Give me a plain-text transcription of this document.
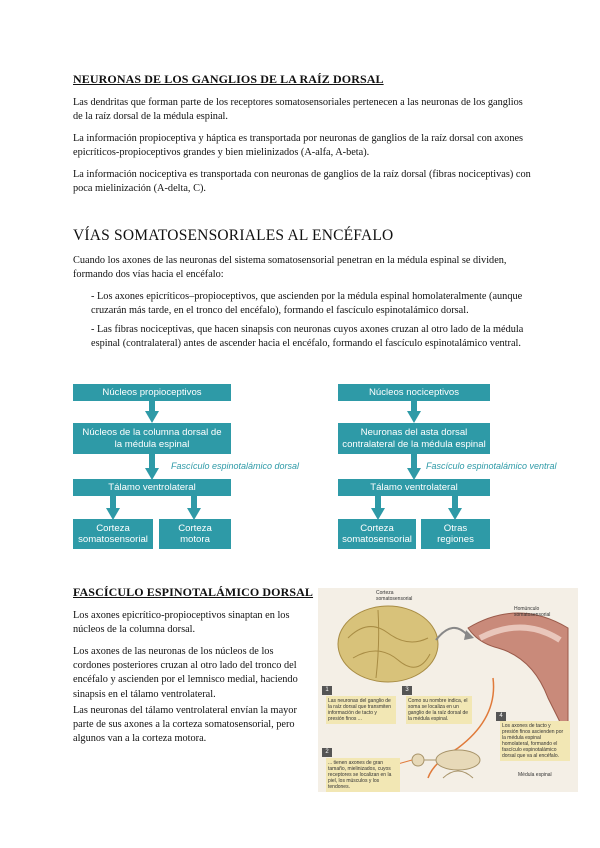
NEURONAS DE LOS GANGLIOS DE LA RAÍZ DORSAL
Las dendritas que forman parte de los receptores somatosensoriales pertenecen a las neuronas de los ganglios de la raíz dorsal de la médula espinal.
La información propioceptiva y háptica es transportada por neuronas de ganglios de la raíz dorsal con axones epicríticos-propioceptivos grandes y bien mielinizados (A-alfa, A-beta).
La información nociceptiva es transportada con neuronas de ganglios de la raíz dorsal (fibras nociceptivas) con poca mielinización (A-delta, C).
VÍAS SOMATOSENSORIALES AL ENCÉFALO
Cuando los axones de las neuronas del sistema somatosensorial penetran en la médula espinal se dividen, formando dos vías hacia el encéfalo:
- Los axones epicríticos–propioceptivos, que ascienden por la médula espinal homolateralmente (aunque cruzarán más tarde, en el tronco del encéfalo), formando el fascículo espinotalámico dorsal.
- Las fibras nociceptivas, que hacen sinapsis con neuronas cuyos axones cruzan al otro lado de la médula espinal (contralateral) antes de ascender hacia el encéfalo, formando el fascículo espinotalámico ventral.
Núcleos propioceptivos
Núcleos de la columna dorsal de la médula espinal
Fascículo espinotalámico dorsal
Tálamo ventrolateral
Corteza somatosensorial
Corteza motora
Núcleos nociceptivos
Neuronas del asta dorsal contralateral de la médula espinal
Fascículo espinotalámico ventral
Tálamo ventrolateral
Corteza somatosensorial
Otras regiones
FASCÍCULO ESPINOTALÁMICO DORSAL
Los axones epicrítico-propioceptivos sinaptan en los núcleos de la columna dorsal.
Los axones de las neuronas de los núcleos de los cordones posteriores cruzan al otro lado del tronco del encéfalo y ascienden por el lemnisco medial, haciendo sinapsis en el tálamo ventrolateral.
Las neuronas del tálamo ventrolateral envían la mayor parte de sus axones a la corteza somatosensorial, pero algunos van a la corteza motora.
Corteza somatosensorial
Homúnculo somatosensorial
1
Las neuronas del ganglio de la raíz dorsal que transmiten información de tacto y presión finos ...
3
Como su nombre indica, el soma se localiza en un ganglio de la raíz dorsal de la médula espinal.	4
Los axones de tacto y presión finos ascienden por la médula espinal homolateral, formando el fascículo espinotalámico dorsal que va al encéfalo.
2
... tienen axones de gran tamaño, mielinizados, cuyos receptores se localizan en la piel, los músculos y los tendones.
Médula espinal
